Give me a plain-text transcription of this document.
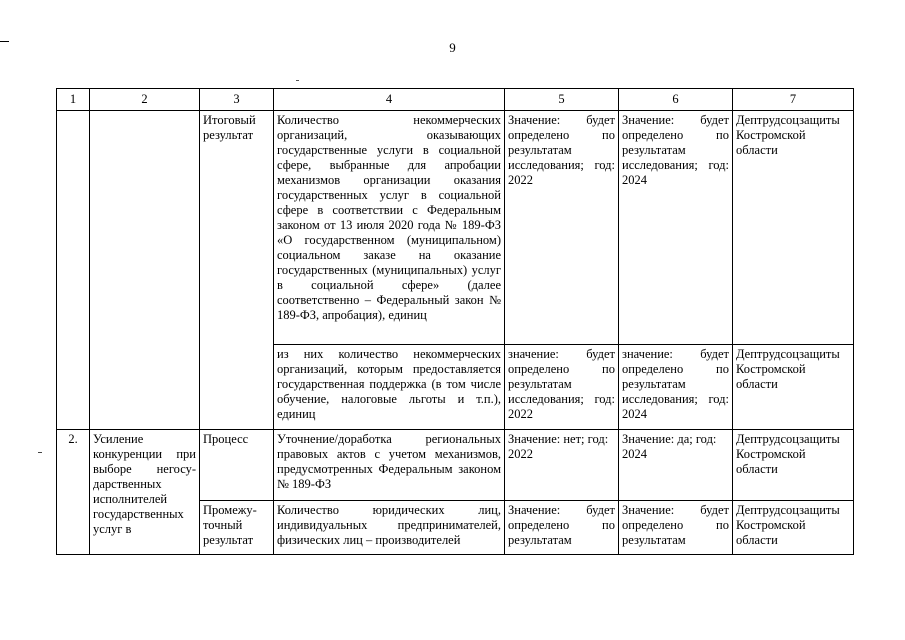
9
1	2	3	4	5	6	7
		Итоговый результат	Количество некоммерческих организаций, оказывающих государственные услуги в социальной сфере, выбранные для апробации механизмов организации оказания государственных услуг в социальной сфере в соответствии с Федеральным законом от 13 июля 2020 года № 189-ФЗ «О государственном (муниципальном) социальном заказе на оказание государственных (муниципальных) услуг в социальной сфере» (далее соответственно – Федеральный закон № 189-ФЗ, апробация), единиц	Значение: будет определено по результатам исследования; год: 2022	Значение: будет определено по результатам исследования; год: 2024	Дептрудсоцзащиты Костромской области
			из них количество некоммерческих организаций, которым предоставляется государственная поддержка (в том числе обучение, налоговые льготы и т.п.), единиц	значение: будет определено по результатам исследования; год: 2022	значение: будет определено по результатам исследования; год: 2024	Дептрудсоцзащиты Костромской области
2.	Усиление конкуренции при выборе негосу-дарственных исполнителей государственных услуг в	Процесс	Уточнение/доработка региональных правовых актов с учетом механизмов, предусмотренных Федеральным законом № 189-ФЗ	Значение: нет; год: 2022	Значение: да; год: 2024	Дептрудсоцзащиты Костромской области
		Промежу-точный результат	Количество юридических лиц, индивидуальных предпринимателей, физических лиц – производителей	Значение: будет определено по результатам	Значение: будет определено по результатам	Дептрудсоцзащиты Костромской области
